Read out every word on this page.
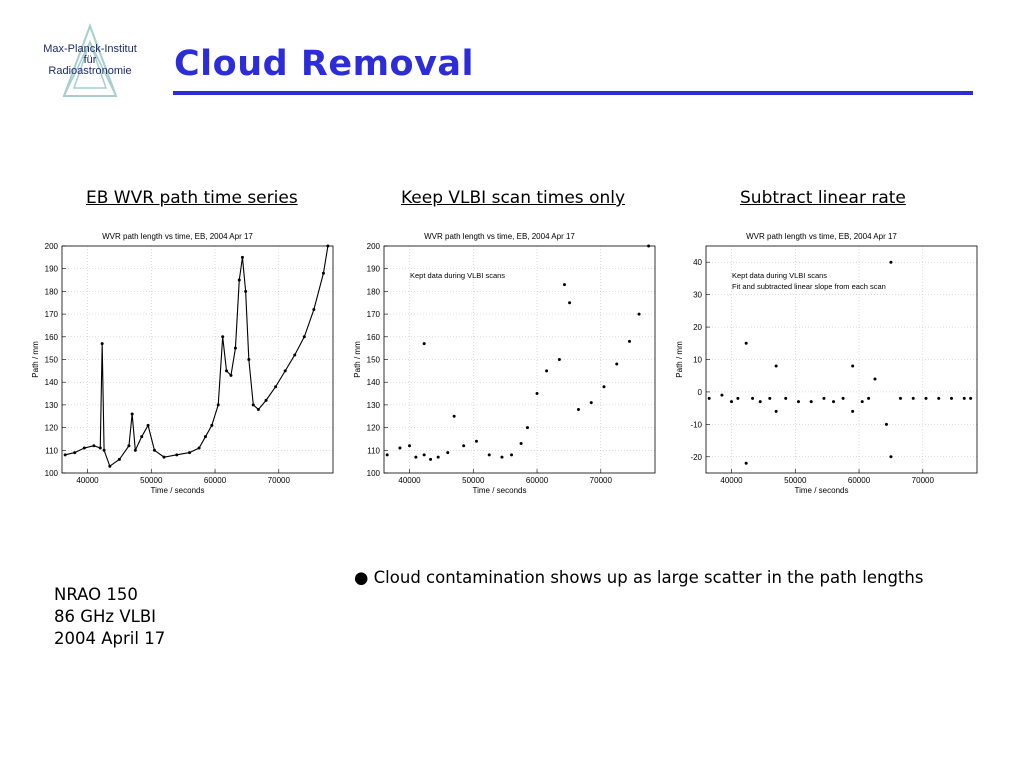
Max-Planck-Institut
für
Radioastronomie	Cloud Removal
EB WVR path time series	Keep VLBI scan times only	Subtract linear rate
40000	50000	60000	70000
100
110
120
130
140
150
160
170
180
190
200
WVR path length vs time, EB, 2004 Apr 17
Time / seconds
Path / mm
40000	50000	60000	70000
100
110
120
130
140
150
160
170
180
190
200
WVR path length vs time, EB, 2004 Apr 17
Time / seconds
Path / mm
Kept data during VLBI scans
40000	50000	60000	70000
-20
-10
0
10
20
30
40
WVR path length vs time, EB, 2004 Apr 17
Time / seconds
Path / mm
Kept data during VLBI scans
Fit and subtracted linear slope from each scan
● Cloud contamination shows up as large scatter in the path lengths
NRAO 150
86 GHz VLBI
2004 April 17
